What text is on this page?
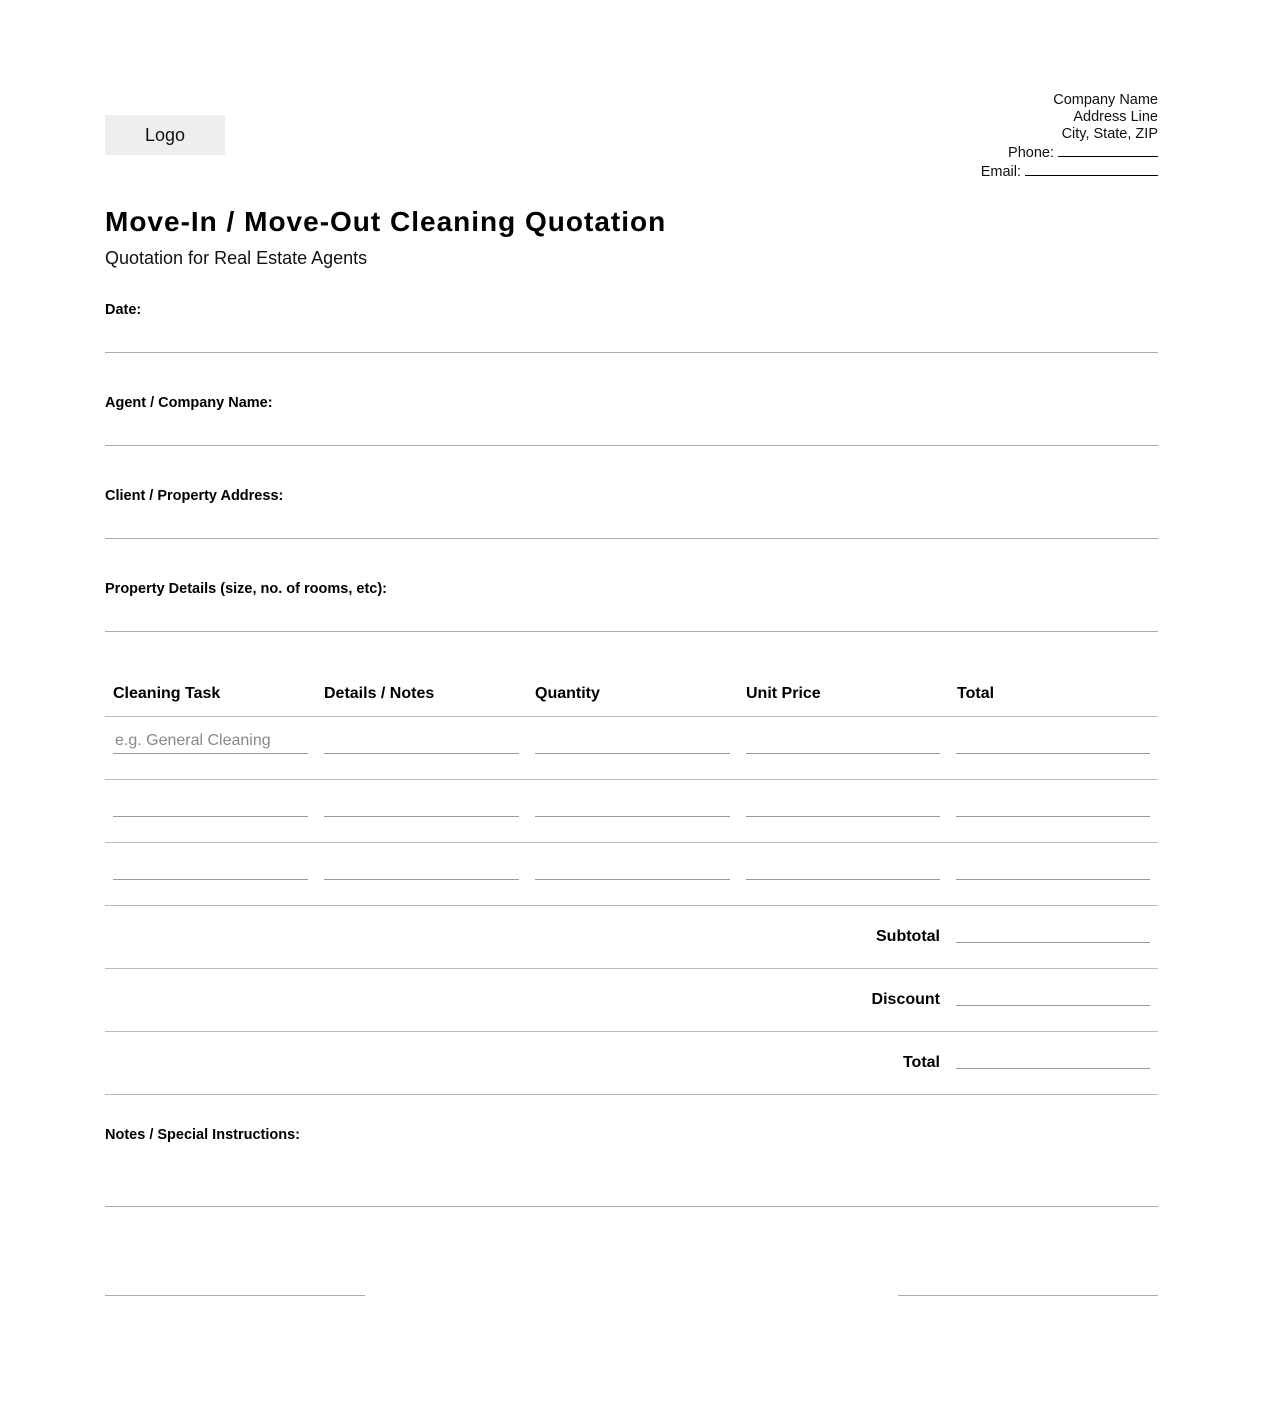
Logo
Company Name
Address Line
City, State, ZIP
Phone:
Email:
Move-In / Move-Out Cleaning Quotation
Quotation for Real Estate Agents
Date:
Agent / Company Name:
Client / Property Address:
Property Details (size, no. of rooms, etc):
Cleaning Task	Details / Notes	Quantity	Unit Price	Total
e.g. General Cleaning
Subtotal
Discount
Total
Notes / Special Instructions:
